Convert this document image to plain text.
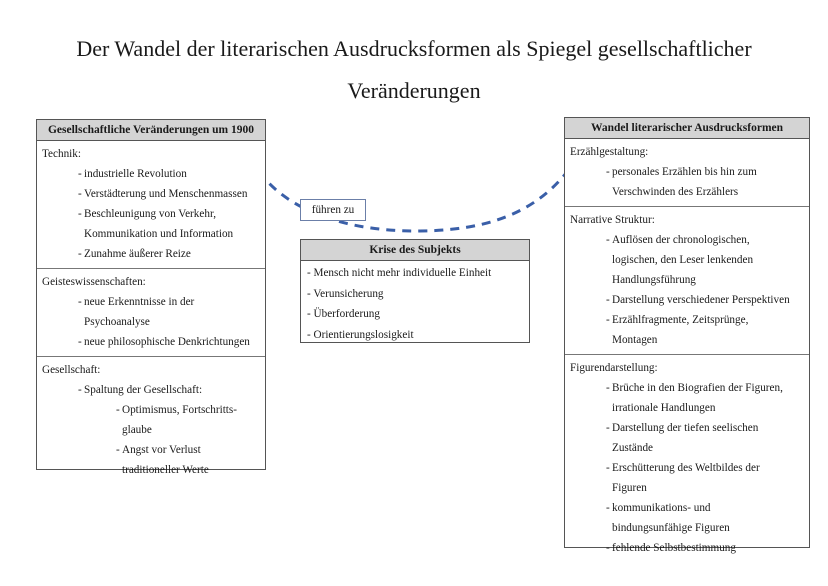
Der Wandel der literarischen Ausdrucksformen als Spiegel gesellschaftlicher Veränderungen
führen zu
Gesellschaftliche Veränderungen um 1900
Technik:
- industrielle Revolution
- Verstädterung und Menschenmassen
- Beschleunigung von Verkehr,
Kommunikation und Information
- Zunahme äußerer Reize
Geisteswissenschaften:
- neue Erkenntnisse in der
Psychoanalyse
- neue philosophische Denkrichtungen
Gesellschaft:
- Spaltung der Gesellschaft:
- Optimismus, Fortschritts-
glaube
- Angst vor Verlust
traditioneller Werte
Krise des Subjekts
- Mensch nicht mehr individuelle Einheit
- Verunsicherung
- Überforderung
- Orientierungslosigkeit
Wandel literarischer Ausdrucksformen
Erzählgestaltung:
- personales Erzählen bis hin zum
Verschwinden des Erzählers
Narrative Struktur:
- Auflösen der chronologischen,
logischen, den Leser lenkenden
Handlungsführung
- Darstellung verschiedener Perspektiven
- Erzählfragmente, Zeitsprünge,
Montagen
Figurendarstellung:
- Brüche in den Biografien der Figuren,
irrationale Handlungen
- Darstellung der tiefen seelischen
Zustände
- Erschütterung des Weltbildes der
Figuren
- kommunikations- und
bindungsunfähige Figuren
- fehlende Selbstbestimmung
